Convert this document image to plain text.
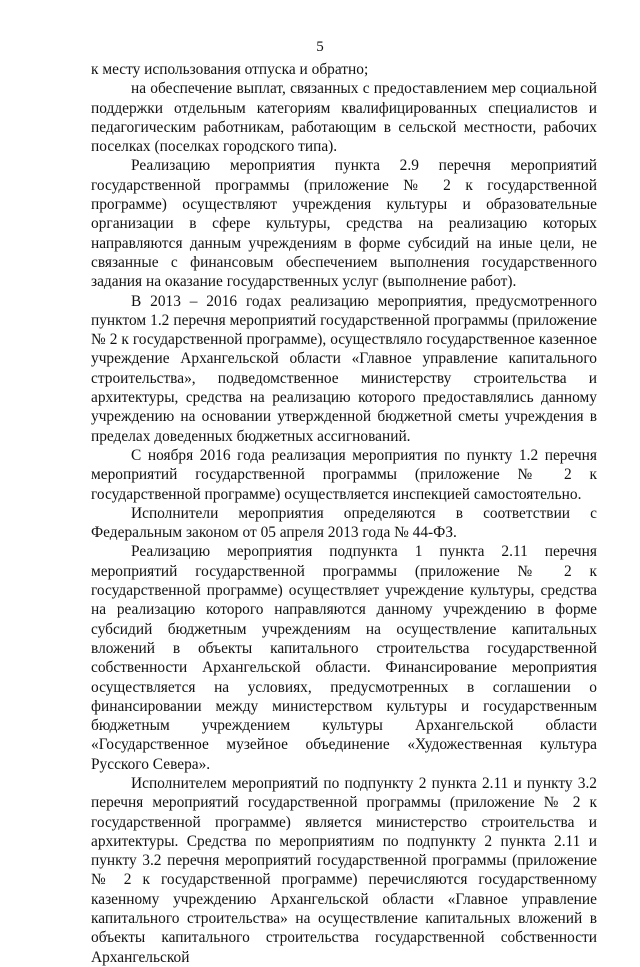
5

к месту использования отпуска и обратно;

на обеспечение выплат, связанных с предоставлением мер социальной поддержки отдельным категориям квалифицированных специалистов и педагогическим работникам, работающим в сельской местности, рабочих поселках (поселках городского типа).

Реализацию мероприятия пункта 2.9 перечня мероприятий государственной программы (приложение № 2 к государственной программе) осуществляют учреждения культуры и образовательные организации в сфере культуры, средства на реализацию которых направляются данным учреждениям в форме субсидий на иные цели, не связанные с финансовым обеспечением выполнения государственного задания на оказание государственных услуг (выполнение работ).

В 2013 – 2016 годах реализацию мероприятия, предусмотренного пунктом 1.2 перечня мероприятий государственной программы (приложение № 2 к государственной программе), осуществляло государственное казенное учреждение Архангельской области «Главное управление капитального строительства», подведомственное министерству строительства и архитектуры, средства на реализацию которого предоставлялись данному учреждению на основании утвержденной бюджетной сметы учреждения в пределах доведенных бюджетных ассигнований.

С ноября 2016 года реализация мероприятия по пункту 1.2 перечня мероприятий государственной программы (приложение № 2 к государственной программе) осуществляется инспекцией самостоятельно.

Исполнители мероприятия определяются в соответствии с Федеральным законом от 05 апреля 2013 года № 44-ФЗ.

Реализацию мероприятия подпункта 1 пункта 2.11 перечня мероприятий государственной программы (приложение № 2 к государственной программе) осуществляет учреждение культуры, средства на реализацию которого направляются данному учреждению в форме субсидий бюджетным учреждениям на осуществление капитальных вложений в объекты капитального строительства государственной собственности Архангельской области. Финансирование мероприятия осуществляется на условиях, предусмотренных в соглашении о финансировании между министерством культуры и государственным бюджетным учреждением культуры Архангельской области «Государственное музейное объединение «Художественная культура Русского Севера».

Исполнителем мероприятий по подпункту 2 пункта 2.11 и пункту 3.2 перечня мероприятий государственной программы (приложение № 2 к государственной программе) является министерство строительства и архитектуры. Средства по мероприятиям по подпункту 2 пункта 2.11 и пункту 3.2 перечня мероприятий государственной программы (приложение № 2 к государственной программе) перечисляются государственному казенному учреждению Архангельской области «Главное управление капитального строительства» на осуществление капитальных вложений в объекты капитального строительства государственной собственности Архангельской
